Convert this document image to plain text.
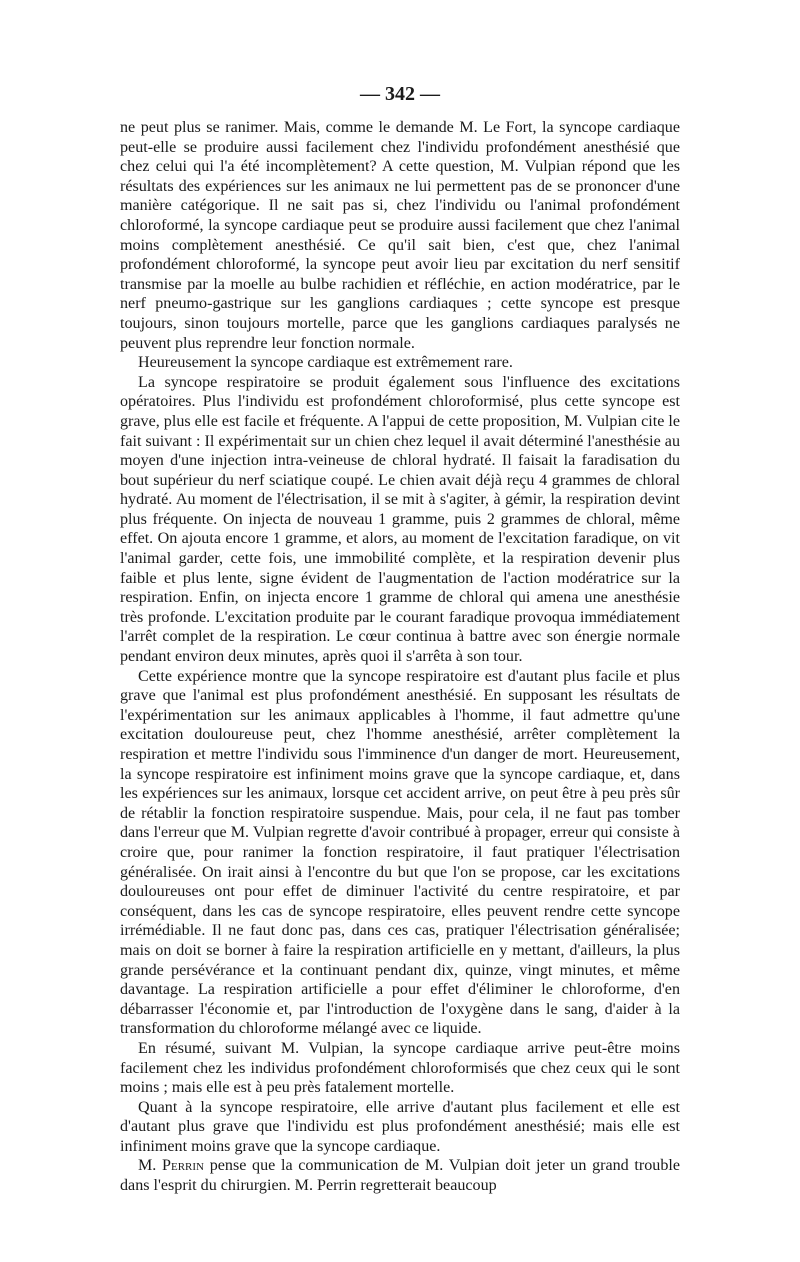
— 342 —

ne peut plus se ranimer. Mais, comme le demande M. Le Fort, la syncope cardiaque peut-elle se produire aussi facilement chez l'individu profondément anesthésié que chez celui qui l'a été incomplètement? A cette question, M. Vulpian répond que les résultats des expériences sur les animaux ne lui permettent pas de se prononcer d'une manière catégorique. Il ne sait pas si, chez l'individu ou l'animal profondément chloroformé, la syncope cardiaque peut se produire aussi facilement que chez l'animal moins complètement anesthésié. Ce qu'il sait bien, c'est que, chez l'animal profondément chloroformé, la syncope peut avoir lieu par excitation du nerf sensitif transmise par la moelle au bulbe rachidien et réfléchie, en action modératrice, par le nerf pneumo-gastrique sur les ganglions cardiaques ; cette syncope est presque toujours, sinon toujours mortelle, parce que les ganglions cardiaques paralysés ne peuvent plus reprendre leur fonction normale.

Heureusement la syncope cardiaque est extrêmement rare.

La syncope respiratoire se produit également sous l'influence des excitations opératoires. Plus l'individu est profondément chloroformisé, plus cette syncope est grave, plus elle est facile et fréquente. A l'appui de cette proposition, M. Vulpian cite le fait suivant : Il expérimentait sur un chien chez lequel il avait déterminé l'anesthésie au moyen d'une injection intra-veineuse de chloral hydraté. Il faisait la faradisation du bout supérieur du nerf sciatique coupé. Le chien avait déjà reçu 4 grammes de chloral hydraté. Au moment de l'électrisation, il se mit à s'agiter, à gémir, la respiration devint plus fréquente. On injecta de nouveau 1 gramme, puis 2 grammes de chloral, même effet. On ajouta encore 1 gramme, et alors, au moment de l'excitation faradique, on vit l'animal garder, cette fois, une immobilité complète, et la respiration devenir plus faible et plus lente, signe évident de l'augmentation de l'action modératrice sur la respiration. Enfin, on injecta encore 1 gramme de chloral qui amena une anesthésie très profonde. L'excitation produite par le courant faradique provoqua immédiatement l'arrêt complet de la respiration. Le cœur continua à battre avec son énergie normale pendant environ deux minutes, après quoi il s'arrêta à son tour.

Cette expérience montre que la syncope respiratoire est d'autant plus facile et plus grave que l'animal est plus profondément anesthésié. En supposant les résultats de l'expérimentation sur les animaux applicables à l'homme, il faut admettre qu'une excitation douloureuse peut, chez l'homme anesthésié, arrêter complètement la respiration et mettre l'individu sous l'imminence d'un danger de mort. Heureusement, la syncope respiratoire est infiniment moins grave que la syncope cardiaque, et, dans les expériences sur les animaux, lorsque cet accident arrive, on peut être à peu près sûr de rétablir la fonction respiratoire suspendue. Mais, pour cela, il ne faut pas tomber dans l'erreur que M. Vulpian regrette d'avoir contribué à propager, erreur qui consiste à croire que, pour ranimer la fonction respiratoire, il faut pratiquer l'électrisation généralisée. On irait ainsi à l'encontre du but que l'on se propose, car les excitations douloureuses ont pour effet de diminuer l'activité du centre respiratoire, et par conséquent, dans les cas de syncope respiratoire, elles peuvent rendre cette syncope irrémédiable. Il ne faut donc pas, dans ces cas, pratiquer l'électrisation généralisée; mais on doit se borner à faire la respiration artificielle en y mettant, d'ailleurs, la plus grande persévérance et la continuant pendant dix, quinze, vingt minutes, et même davantage. La respiration artificielle a pour effet d'éliminer le chloroforme, d'en débarrasser l'économie et, par l'introduction de l'oxygène dans le sang, d'aider à la transformation du chloroforme mélangé avec ce liquide.

En résumé, suivant M. Vulpian, la syncope cardiaque arrive peut-être moins facilement chez les individus profondément chloroformisés que chez ceux qui le sont moins ; mais elle est à peu près fatalement mortelle.

Quant à la syncope respiratoire, elle arrive d'autant plus facilement et elle est d'autant plus grave que l'individu est plus profondément anesthésié; mais elle est infiniment moins grave que la syncope cardiaque.

M. Perrin pense que la communication de M. Vulpian doit jeter un grand trouble dans l'esprit du chirurgien. M. Perrin regretterait beaucoup
